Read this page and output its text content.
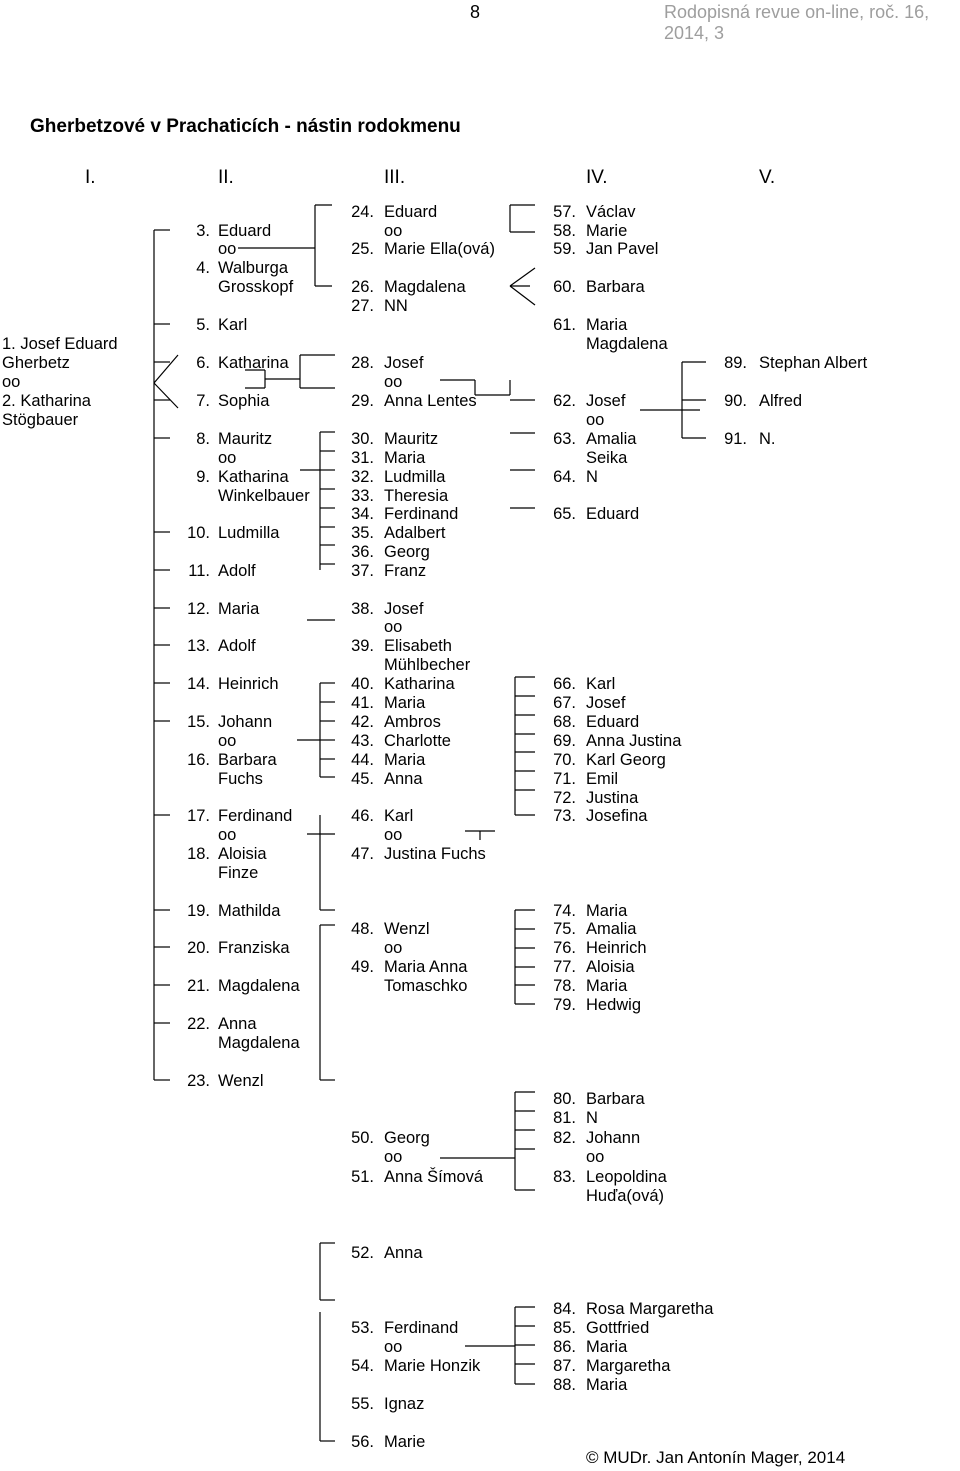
8	Rodopisná revue on-line, roč. 16, 2014, 3
Gherbetzové v Prachaticích - nástin rodokmenu
I.	II.	III.	IV.	V.
1. Josef Eduard
Gherbetz
oo
2. Katharina
Stögbauer
3. Eduard
oo
4. Walburga
Grosskopf
5. Karl
6. Katharina
7. Sophia
8. Mauritz
oo
9. Katharina
Winkelbauer
10. Ludmilla
11. Adolf
12. Maria
13. Adolf
14. Heinrich
15. Johann
oo
16. Barbara
Fuchs
17. Ferdinand
oo
18. Aloisia
Finze
19. Mathilda
20. Franziska
21. Magdalena
22. Anna
Magdalena
23. Wenzl
24. Eduard
oo
25. Marie Ella(ová)
26. Magdalena
27. NN
28. Josef
oo
29. Anna Lentes
30. Mauritz
31. Maria
32. Ludmilla
33. Theresia
34. Ferdinand
35. Adalbert
36. Georg
37. Franz
38. Josef
oo
39. Elisabeth
Mühlbecher
40. Katharina
41. Maria
42. Ambros
43. Charlotte
44. Maria
45. Anna
46. Karl
oo
47. Justina Fuchs
48. Wenzl
oo
49. Maria Anna
Tomaschko
50. Georg
oo
51. Anna Šímová
52. Anna
53. Ferdinand
oo
54. Marie Honzik
55. Ignaz
56. Marie
57. Václav
58. Marie
59. Jan Pavel
60. Barbara
61. Maria
Magdalena
62. Josef
oo
63. Amalia
Seika
64. N
65. Eduard
66. Karl
67. Josef
68. Eduard
69. Anna Justina
70. Karl Georg
71. Emil
72. Justina
73. Josefina
74. Maria
75. Amalia
76. Heinrich
77. Aloisia
78. Maria
79. Hedwig
80. Barbara
81. N
82. Johann
oo
83. Leopoldina
Huďa(ová)
84. Rosa Margaretha
85. Gottfried
86. Maria
87. Margaretha
88. Maria
89. Stephan Albert
90. Alfred
91. N.
© MUDr. Jan Antonín Mager, 2014
